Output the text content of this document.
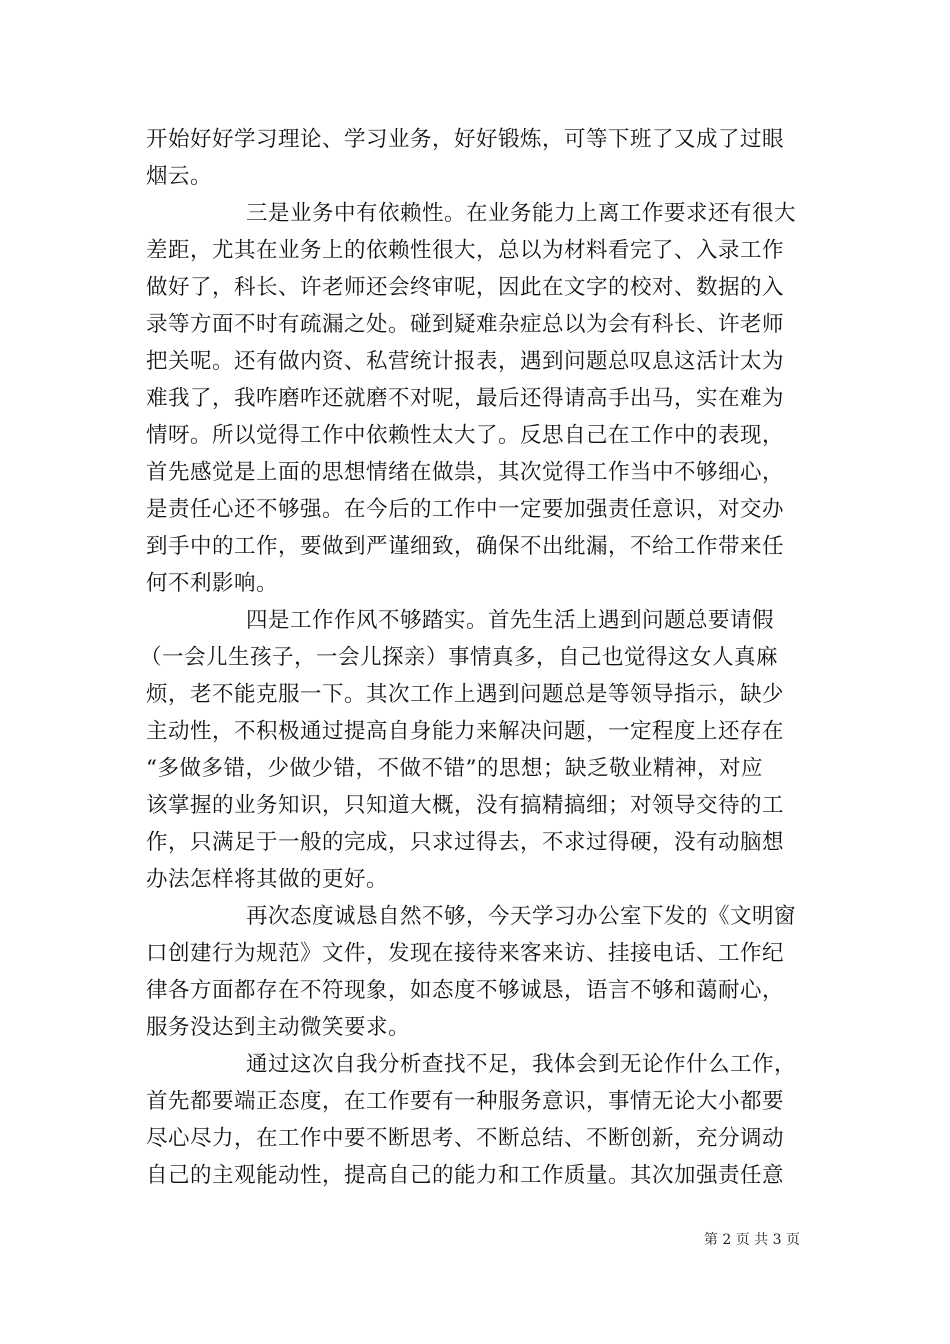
开始好好学习理论、学习业务，好好锻炼，可等下班了又成了过眼
烟云。
三是业务中有依赖性。在业务能力上离工作要求还有很大
差距，尤其在业务上的依赖性很大，总以为材料看完了、入录工作
做好了，科长、许老师还会终审呢，因此在文字的校对、数据的入
录等方面不时有疏漏之处。碰到疑难杂症总以为会有科长、许老师
把关呢。还有做内资、私营统计报表，遇到问题总叹息这活计太为
难我了，我咋磨咋还就磨不对呢，最后还得请高手出马，实在难为
情呀。所以觉得工作中依赖性太大了。反思自己在工作中的表现，
首先感觉是上面的思想情绪在做祟，其次觉得工作当中不够细心，
是责任心还不够强。在今后的工作中一定要加强责任意识，对交办
到手中的工作，要做到严谨细致，确保不出纰漏，不给工作带来任
何不利影响。
四是工作作风不够踏实。首先生活上遇到问题总要请假
（一会儿生孩子，一会儿探亲）事情真多，自己也觉得这女人真麻
烦，老不能克服一下。其次工作上遇到问题总是等领导指示，缺少
主动性，不积极通过提高自身能力来解决问题，一定程度上还存在
“多做多错，少做少错，不做不错”的思想；缺乏敬业精神，对应
该掌握的业务知识，只知道大概，没有搞精搞细；对领导交待的工
作，只满足于一般的完成，只求过得去，不求过得硬，没有动脑想
办法怎样将其做的更好。
再次态度诚恳自然不够，今天学习办公室下发的《文明窗
口创建行为规范》文件，发现在接待来客来访、挂接电话、工作纪
律各方面都存在不符现象，如态度不够诚恳，语言不够和蔼耐心，
服务没达到主动微笑要求。
通过这次自我分析查找不足，我体会到无论作什么工作，
首先都要端正态度，在工作要有一种服务意识，事情无论大小都要
尽心尽力，在工作中要不断思考、不断总结、不断创新，充分调动
自己的主观能动性，提高自己的能力和工作质量。其次加强责任意
第 2 页 共 3 页
